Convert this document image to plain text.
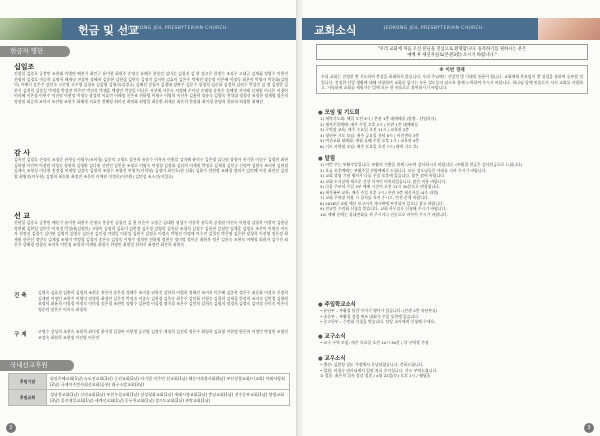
헌금 및 선교
JEOKONG JEIL PRESBYTERIAN CHURCH
헌금자 명단
십일조
진철일 김종호 공봉민 조현태 이병연 배봉기 최인근 유미향 최현주 손정숙 유혜주 홍종인 김미순 김철진 김 현 정고은 한정수 조성구 고대군 김재휘 정영수 이현진 진영희 김경호 이승희 류영옥 배재남 전상복 장혜자 김종현 김현섭 김현숙 김정미 김지연 김효미 김은주 박세진 장순정 이은혜 이정숙 최은미 박영자 박종화(김영미) 이해기 강은주 강인숙 고순명 고주영 김경조 김삼영 김영자(김경규) 김혜선 강철서 김경태 장판우 김문수 장경희 김준화 김정희 김원수 박상진 김 정 김정한 김현식 김현희 김종일 박세철 박성연 박은련 박진희 박재훈 백정민 박상일 이나은 서선애 서은숙 서정혜 손미선 손태영 송옥주 송혜정 지미혜 신재원 이나은 이경아 이미혜 이은경 이현주 이진원 이현정 이정숙 장상희 이효민 이해정 신은조 전하영 이재구 이병희 이선옥 김용혁 장유숙 김영숙 전석대 정경신 조정한 정재영 정은희 정장원 최승희 조미자 조진영 조현주 최혜정 지효진 전혜영 최미선 최연화 최영일 최동환 최재준 최은희 한정대 최미경 한명희 한유희 허창환 최혜선
감 사
김옥선 김창호 손정숙 조경순 권형공 이영우(조미경) 김종익 고병도 강찬희 유종수 이옥자 이원일 김미혜 윤미수 김은정 김나원 장정아 진기한 이신구 김경진 최현 김하영 이진여 이장원 이정숙 정현희 김영환 김나원 신연진 김인용 조영호 이명숙 이정경 김정화 김선의 이재원 박정호 김재경 김인규 신정아 김현숙 조미현 김현철 김재숙 조형성 이다현 홍정경 이재영 김정숙 김현희 조영수 조영진 이영주(이희영) 김정미 최인호(한 선화) 김윤수 전현정 조혜경 정의주 김인혜 이진 최인선 김정엽 최영진(이우현) 김명희 최동환 최정진 조은미 이예원 이정숙(이주환) 김민성 조소진(이성호)
선 교
진현일 김종호 공봉민 배문기 유미향 최현주 손정숙 홍종인 김철진 김 현 이은주 고정근 김대환 정성수 이종옥 유득희 공정원 이선숙 이현경 김영옥 이정미 김용남 정현태 김현섭 김민주 이정경 박경태(김영미) 고영미 김정희 김효미 김현정 김은경 김영희 김옥남 조경희 김철수 김용찬 김철민 김재훈 김정호 조은미 이영숙 이숙자 전정선 김경수 김미연 김영미 김영숙 김이선 김인경 이영일 이종섭 김원주 김정호 이정숙 박영선 이정애 이수진 김경진 박은영 김은현 장경희 이선영 정은정 최재원 한은선 정민숙 김재철 조영미 박정경 김경미 송은숙 김정숙 이영주 정희연 전하영 정현주 정미정 정미순 최원옥 정은 김진숙 조현숙 이해정 최희자 김수진 최은주 강해경 정경숙 조미옥 이민경 조정희 이재원 최원숙 한영민 최현일 한희주 최정란 최은희 최현숙
건 축
김영숙 김효정 김춘희 김정희 조현승 홍은미 송은성 정해주 조미경 권형진 강찬희 이경희 정혜진 조미옥 이은혜 김종학 정은주 최동화 이정숙 신정희 김재원 이정민 조현주 이영미 권정희 최정란 김우진 박정숙 이종숙 김현정 김은숙 최은주 김인화 신영숙 김경희 김재경 한정희 조미숙 김민경 김재원 조정미 최윤희 이정경 이정숙 이미경 송은경 조현민 정영수 김현정 이성경 정미경 조은주 김민희 강희숙 김영희 정경희 김정숙 김미정 진미숙 이은미 정순덕 장은주 이미숙 최경희
구 제
고명수 강성희 조현숙 조원희 최미정 윤서정 김경아 이현정 류진영 김정우 제정희 김선희 정은주 최영희 김효영 이현정 한은희 이정민 박성민 조영진 조정숙 최원희 조현정 이선영 이은진
국내선교후원
후원기관	월강은혜교회(1남) 녹도선교회(3남) 군선교회(2남) 아기빛 이주민 선교회(1남) 해돋이과불사회(6남) 부산성경교회(시교회) 이레사랑회(2남) 국제이주민사회선교회(공한) 대구소망교회(3남)
후원교회	성남천교회(1남) 신의교회(2남) 부천우림교회(1남) 장성평화교회(1남) 재래시장교회(2남) 충남교회(1남) 전주동부교회(1남) 양평교회(3남) 울진제일교회(1남) 세계선교회(1남) 동두천교회(1남) 경기도교회(2남) 관악교회(1남)
2
교회소식	JEOKONG JEIL PRESBYTERIAN CHURCH
"우리 교회에 처음 오신 분들을 진심으로 환영합니다. 등록하기를 원하시는 분은
예배 후 새신자실로(본관3층) 오시기 바랍니다."
※ 이번 경제
우리 교회는 진정한 몇 기도하여 충성을 하려하지 않습니다. 우리 주님에는 신앙적 몇 기대의 통용이 됩니다. 교회에게 본보임이 몇 성경을 통하여 공부할 것입니다. 진정한 신앙 생활에 대해 사랑하며 교회를 섬기는 모든 성도들이 되도록 함께 노력하여 주시기 바랍니다. 하나님 앞에 믿음으로 서서 교회를 사랑하고, 거룩하게 교회를 세워가는 일에 모두 한 마음으로 참여하시기 바랍니다.
● 모임 및 기도회
1) 새벽기도회: 매일 오전 5시 / 본관 1층 대예배실 (말씀 - 담임목사)
2) 제직주일예배: 매주 주일 오후 2시 / 본관 1층 대예배실
3) 구역장 교육: 매주 수요일 오전 11시 / 교육관 2층
4) 청년부 기도 모임: 매주 금요일 저녁 8시 / 비전센터 3층
5) 여선교회 월례회: 매월 둘째 주일 오후 1시 / 교육관 4층
6) 기도 사역팀 모임: 매주 토요일 오전 7시 (새벽 기도 후)
● 알림
1) 이번 주는 부활주일입니다. 부활의 기쁨을 함께 나누며 감사하시기 바랍니다. (부활절 헌금은 감사헌금으로 드립니다)
2) 오늘 오후예배는 부활주일 찬양예배로 드립니다. 모든 성도님들은 자리를 지켜 주시기 바랍니다.
3) 교회 창립 기념 행사가 다음 주일 오후에 있습니다. 많은 참여 바랍니다.
4) 교회 도서실에 새로운 신앙 서적이 비치되었습니다. 많은 이용 바랍니다.
5) 다음 주부터 주일 3부 예배 시간이 오전 11시 30분으로 변경됩니다.
6) 새가족부 교육: 매주 주일 오후 1시 / 본관 3층 새신자실 (4주 과정)
7) 교회 주차장 이용 시 질서를 지켜 주시고, 안전 운행 바랍니다.
8) 2016년 교회 예산 보고서가 게시판에 부착되어 있으니 참고 바랍니다.
9) 전교인 수련회 신청을 받습니다. 교회 사무실로 신청해 주시기 바랍니다.
10) 예배 중에는 휴대전화를 꺼 주시거나 진동으로 바꾸어 주시기 바랍니다.
● 주일학교소식
• 유년부 – 부활절 달걀 꾸미기 행사가 있습니다. (본관 2층 유년부실)
• 초등부 – 부활절 성경 퀴즈 대회가 주일 오전에 있습니다.
• 중고등부 – 수련회 신청을 받습니다. 담당 교사에게 신청해 주세요.
● 교구소식
• 교구 구역 모임: 매주 목요일 오전 10시 30분 / 각 구역장 가정
● 교우소식
• 출산: 김현정 성도 가정에서 득남하였습니다. 축하드립니다.
• 입원: 이정숙 권사님께서 입원 치료 중이십니다. 기도 부탁드립니다.
② 결혼: 최은희 집사 장녀 결혼 / 4월 22일(토) 오후 1시 / 웨딩홀
3
